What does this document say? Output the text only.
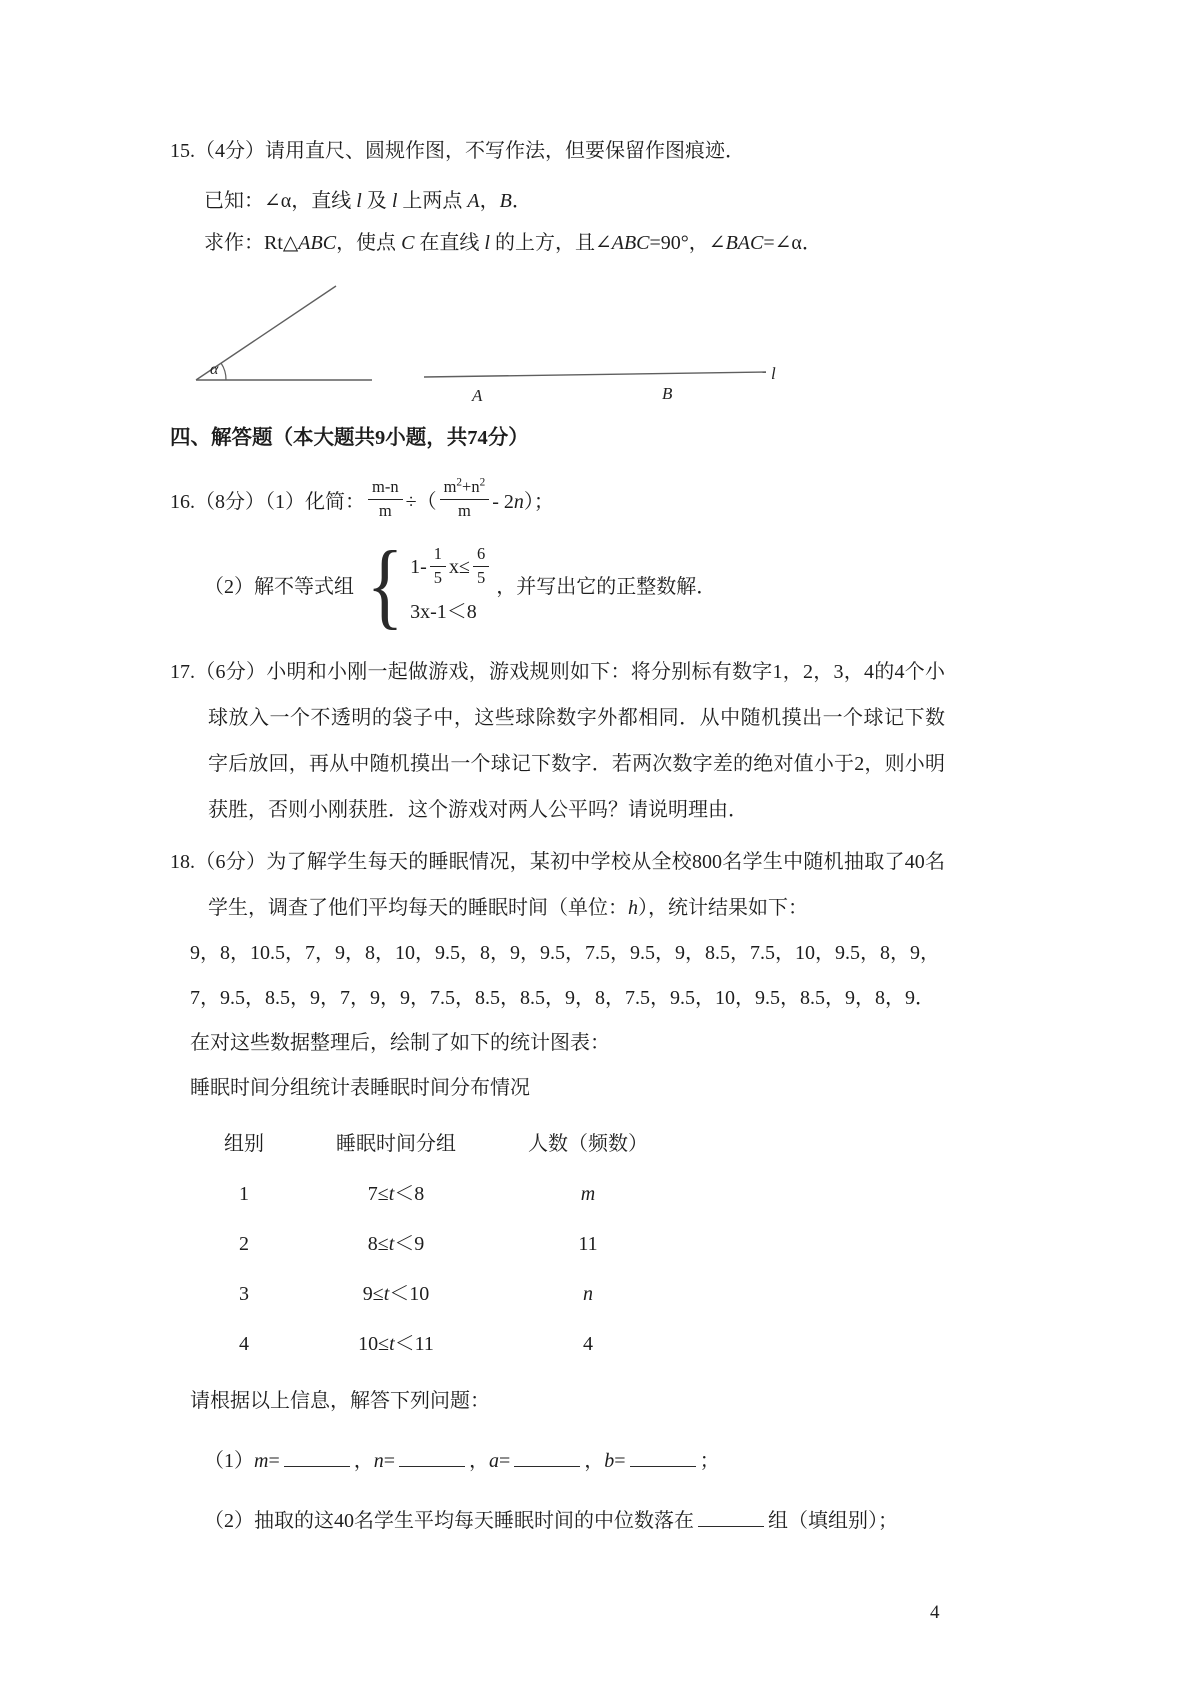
15.（4分）请用直尺、圆规作图，不写作法，但要保留作图痕迹．
已知：∠α，直线 l 及 l 上两点 A，B．
求作：Rt△ABC，使点 C 在直线 l 的上方，且∠ABC=90°，∠BAC=∠α．
α
A	B
l
四、解答题（本大题共9小题，共74分）
16.（8分）（1）化简： $\frac{m-n}{m}$ ÷（ $\frac{m^2+n^2}{m} - 2n$）；
（2）解不等式组 { $1- \frac{1}{5} x\le \frac{6}{5}$
3x-1＜8
，并写出它的正整数解．
17.（6分）小明和小刚一起做游戏，游戏规则如下：将分别标有数字1，2，3，4的4个小球放入一个不透明的袋子中，这些球除数字外都相同．从中随机摸出一个球记下数字后放回，再从中随机摸出一个球记下数字．若两次数字差的绝对值小于2，则小明获胜，否则小刚获胜．这个游戏对两人公平吗？请说明理由．
18.（6分）为了解学生每天的睡眠情况，某初中学校从全校800名学生中随机抽取了40名学生，调查了他们平均每天的睡眠时间（单位：h），统计结果如下：
9，8，10.5，7，9，8，10，9.5，8，9，9.5，7.5，9.5，9，8.5，7.5，10，9.5，8，9，
7，9.5，8.5，9，7，9，9，7.5，8.5，8.5，9，8，7.5，9.5，10，9.5，8.5，9，8，9．
在对这些数据整理后，绘制了如下的统计图表：
睡眠时间分组统计表睡眠时间分布情况
组别	睡眠时间分组	人数（频数）
1	7≤t＜8	m
2	8≤t＜9	11
3	9≤t＜10	n
4	10≤t＜11	4
请根据以上信息，解答下列问题：
（1）m=	，n=	，a=	，b=	；
（2）抽取的这40名学生平均每天睡眠时间的中位数落在	组（填组别）；
4
